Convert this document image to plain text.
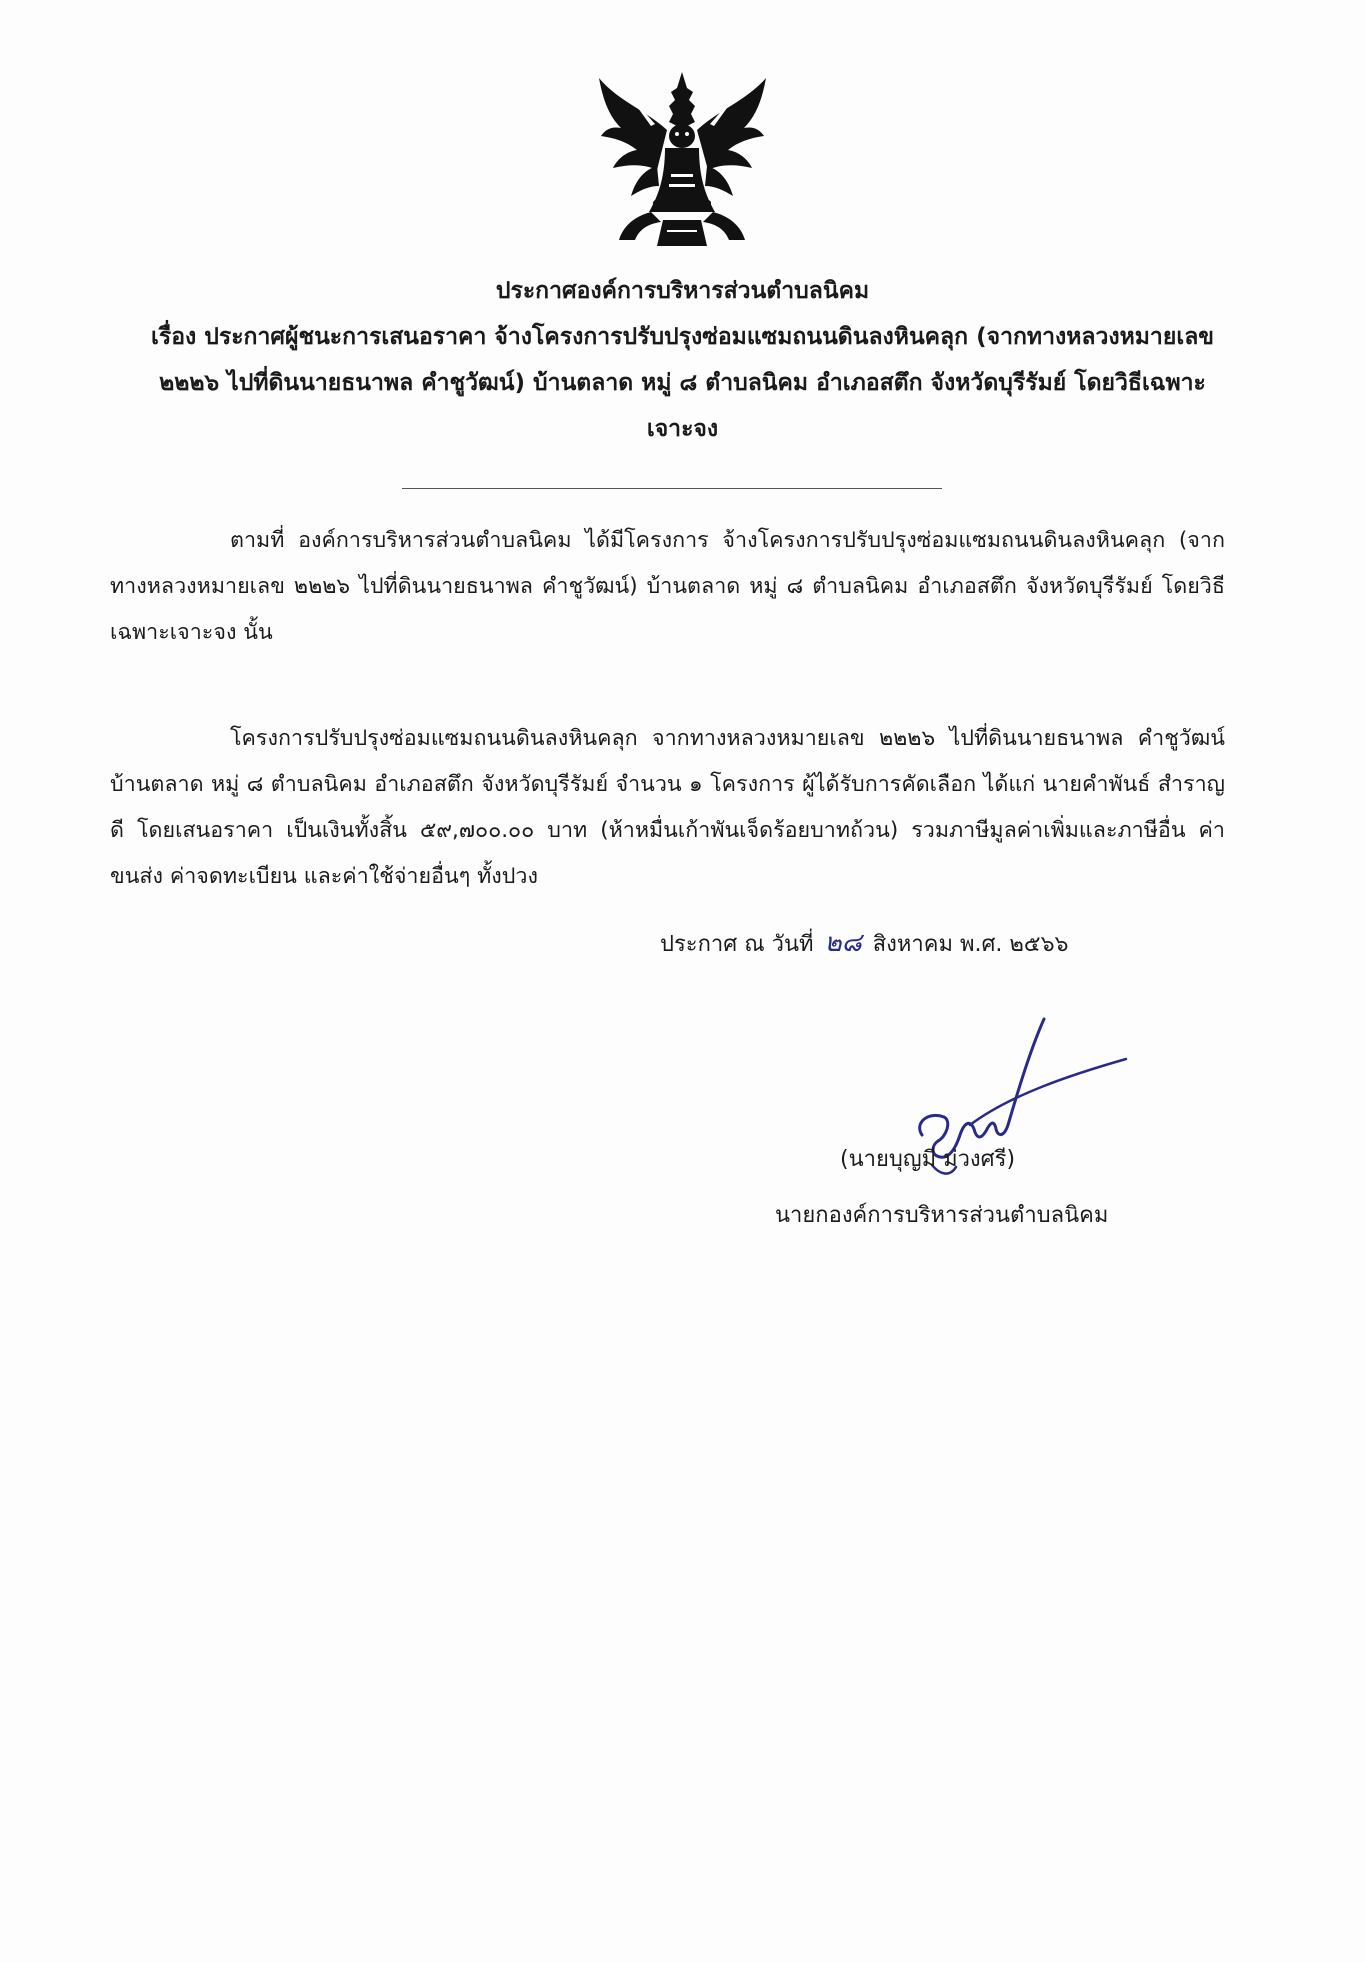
ประกาศองค์การบริหารส่วนตำบลนิคม
เรื่อง ประกาศผู้ชนะการเสนอราคา จ้างโครงการปรับปรุงซ่อมแซมถนนดินลงหินคลุก (จากทางหลวงหมายเลข
๒๒๒๖ ไปที่ดินนายธนาพล คำชูวัฒน์) บ้านตลาด หมู่ ๘ ตำบลนิคม อำเภอสตึก จังหวัดบุรีรัมย์ โดยวิธีเฉพาะ
เจาะจง
ตามที่ องค์การบริหารส่วนตำบลนิคม ได้มีโครงการ จ้างโครงการปรับปรุงซ่อมแซมถนนดินลงหินคลุก (จากทางหลวงหมายเลข ๒๒๒๖ ไปที่ดินนายธนาพล คำชูวัฒน์) บ้านตลาด หมู่ ๘ ตำบลนิคม อำเภอสตึก จังหวัดบุรีรัมย์ โดยวิธีเฉพาะเจาะจง นั้น
โครงการปรับปรุงซ่อมแซมถนนดินลงหินคลุก จากทางหลวงหมายเลข ๒๒๒๖ ไปที่ดินนายธนาพล คำชูวัฒน์ บ้านตลาด หมู่ ๘ ตำบลนิคม อำเภอสตึก จังหวัดบุรีรัมย์ จำนวน ๑ โครงการ ผู้ได้รับการคัดเลือก ได้แก่ นายคำพันธ์ สำราญดี โดยเสนอราคา เป็นเงินทั้งสิ้น ๕๙,๗๐๐.๐๐ บาท (ห้าหมื่นเก้าพันเจ็ดร้อยบาทถ้วน) รวมภาษีมูลค่าเพิ่มและภาษีอื่น ค่าขนส่ง ค่าจดทะเบียน และค่าใช้จ่ายอื่นๆ ทั้งปวง
ประกาศ ณ วันที่ ๒๘ สิงหาคม พ.ศ. ๒๕๖๖
(นายบุญมี ม่วงศรี)
นายกองค์การบริหารส่วนตำบลนิคม
